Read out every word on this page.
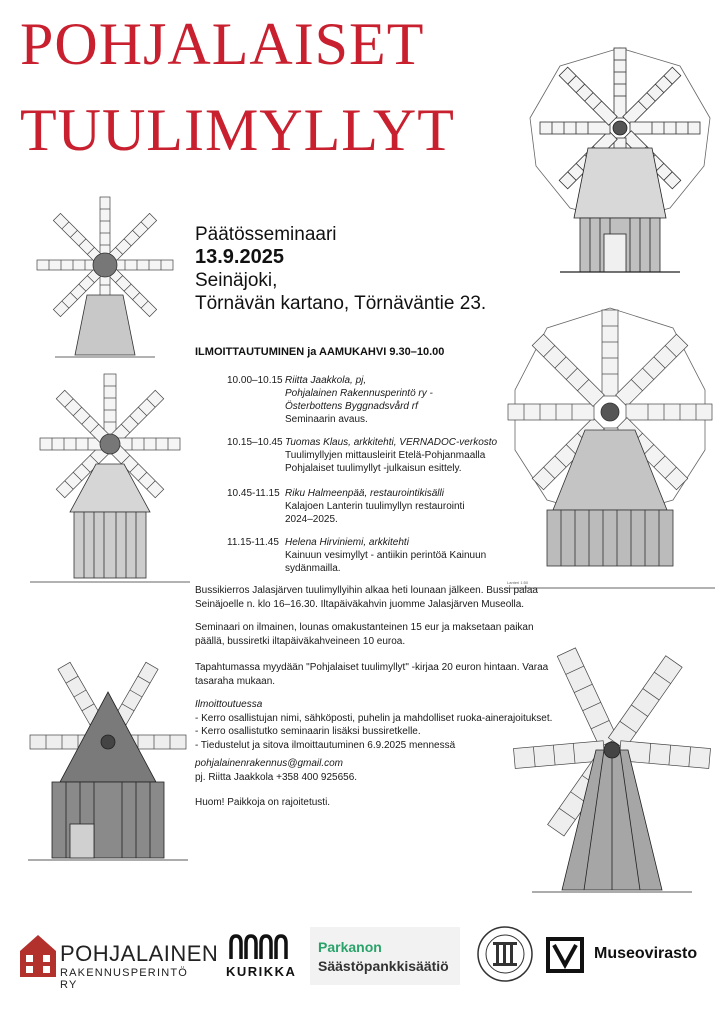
POHJALAISET
TUULIMYLLYT
Lanteri 1:50
Päätösseminaari
13.9.2025
Seinäjoki,
Törnävän kartano, Törnäväntie 23.
ILMOITTAUTUMINEN ja AAMUKAHVI 9.30–10.00
10.00–10.15 Riitta Jaakkola, pj,
Pohjalainen Rakennusperintö ry -
Österbottens Byggnadsvård rf
Seminaarin avaus.
10.15–10.45 Tuomas Klaus, arkkitehti, VERNADOC-verkosto
Tuulimyllyjen mittausleirit Etelä-Pohjanmaalla
Pohjalaiset tuulimyllyt -julkaisun esittely.
10.45-11.15 Riku Halmeenpää, restaurointikisälli
Kalajoen Lanterin tuulimyllyn restaurointi
2024–2025.
11.15-11.45 Helena Hirviniemi, arkkitehti
Kainuun vesimyllyt - antiikin perintöä Kainuun
sydänmailla.
Bussikierros Jalasjärven tuulimyllyihin alkaa heti lounaan jälkeen. Bussi palaa
Seinäjoelle n. klo 16–16.30. Iltapäiväkahvin juomme Jalasjärven Museolla.
Seminaari on ilmainen, lounas omakustanteinen 15 eur ja maksetaan paikan
päällä, bussiretki iltapäiväkahveineen 10 euroa.
Tapahtumassa myydään "Pohjalaiset tuulimyllyt" -kirjaa 20 euron hintaan. Varaa
tasaraha mukaan.
Ilmoittoutuessa
- Kerro osallistujan nimi, sähköposti, puhelin ja mahdolliset ruoka-ainerajoitukset.
- Kerro osallistutko seminaarin lisäksi bussiretkelle.
- Tiedustelut ja sitova ilmoittautuminen 6.9.2025 mennessä
pohjalainenrakennus@gmail.com
pj. Riitta Jaakkola +358 400 925656.
Huom! Paikkoja on rajoitetusti.
POHJALAINEN
RAKENNUSPERINTÖ RY
KURIKKA
Parkanon
Säästöpankkisäätiö
Museovirasto
